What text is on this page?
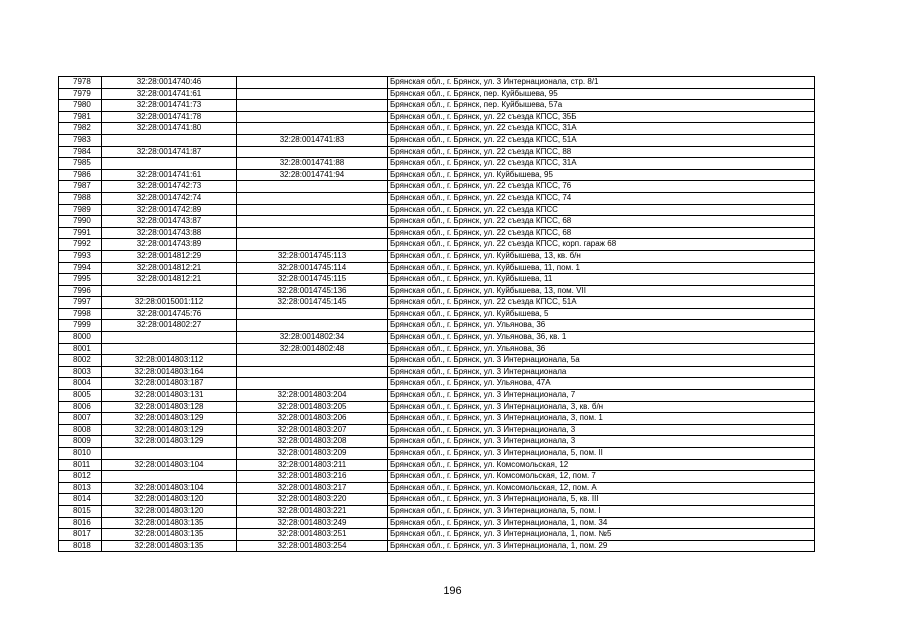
7978	32:28:0014740:46		Брянская обл., г. Брянск, ул. 3 Интернационала, стр. 8/1
7979	32:28:0014741:61		Брянская обл., г. Брянск, пер. Куйбышева, 95
7980	32:28:0014741:73		Брянская обл., г. Брянск, пер. Куйбышева, 57а
7981	32:28:0014741:78		Брянская обл., г. Брянск, ул. 22 съезда КПСС, 35Б
7982	32:28:0014741:80		Брянская обл., г. Брянск, ул. 22 съезда КПСС, 31А
7983		32:28:0014741:83	Брянская обл., г. Брянск, ул. 22 съезда КПСС, 51А
7984	32:28:0014741:87		Брянская обл., г. Брянск, ул. 22 съезда КПСС, 88
7985		32:28:0014741:88	Брянская обл., г. Брянск, ул. 22 съезда КПСС, 31А
7986	32:28:0014741:61	32:28:0014741:94	Брянская обл., г. Брянск, ул. Куйбышева, 95
7987	32:28:0014742:73		Брянская обл., г. Брянск, ул. 22 съезда КПСС, 76
7988	32:28:0014742:74		Брянская обл., г. Брянск, ул. 22 съезда КПСС, 74
7989	32:28:0014742:89		Брянская обл., г. Брянск, ул. 22 съезда КПСС
7990	32:28:0014743:87		Брянская обл., г. Брянск, ул. 22 съезда КПСС, 68
7991	32:28:0014743:88		Брянская обл., г. Брянск, ул. 22 съезда КПСС, 68
7992	32:28:0014743:89		Брянская обл., г. Брянск, ул. 22 съезда КПСС, корп. гараж 68
7993	32:28:0014812:29	32:28:0014745:113	Брянская обл., г. Брянск, ул. Куйбышева, 13, кв. б/н
7994	32:28:0014812:21	32:28:0014745:114	Брянская обл., г. Брянск, ул. Куйбышева, 11, пом. 1
7995	32:28:0014812:21	32:28:0014745:115	Брянская обл., г. Брянск, ул. Куйбышева, 11
7996		32:28:0014745:136	Брянская обл., г. Брянск, ул. Куйбышева, 13, пом. VII
7997	32:28:0015001:112	32:28:0014745:145	Брянская обл., г. Брянск, ул. 22 съезда КПСС, 51А
7998	32:28:0014745:76		Брянская обл., г. Брянск, ул. Куйбышева, 5
7999	32:28:0014802:27		Брянская обл., г. Брянск, ул. Ульянова, 36
8000		32:28:0014802:34	Брянская обл., г. Брянск, ул. Ульянова, 36, кв. 1
8001		32:28:0014802:48	Брянская обл., г. Брянск, ул. Ульянова, 36
8002	32:28:0014803:112		Брянская обл., г. Брянск, ул. 3 Интернационала, 5а
8003	32:28:0014803:164		Брянская обл., г. Брянск, ул. 3 Интернационала
8004	32:28:0014803:187		Брянская обл., г. Брянск, ул. Ульянова, 47А
8005	32:28:0014803:131	32:28:0014803:204	Брянская обл., г. Брянск, ул. 3 Интернационала, 7
8006	32:28:0014803:128	32:28:0014803:205	Брянская обл., г. Брянск, ул. 3 Интернационала, 3, кв. б/н
8007	32:28:0014803:129	32:28:0014803:206	Брянская обл., г. Брянск, ул. 3 Интернационала, 3, пом. 1
8008	32:28:0014803:129	32:28:0014803:207	Брянская обл., г. Брянск, ул. 3 Интернационала, 3
8009	32:28:0014803:129	32:28:0014803:208	Брянская обл., г. Брянск, ул. 3 Интернационала, 3
8010		32:28:0014803:209	Брянская обл., г. Брянск, ул. 3 Интернационала, 5, пом. II
8011	32:28:0014803:104	32:28:0014803:211	Брянская обл., г. Брянск, ул. Комсомольская, 12
8012		32:28:0014803:216	Брянская обл., г. Брянск, ул. Комсомольская, 12, пом. 7
8013	32:28:0014803:104	32:28:0014803:217	Брянская обл., г. Брянск, ул. Комсомольская, 12, пом. А
8014	32:28:0014803:120	32:28:0014803:220	Брянская обл., г. Брянск, ул. 3 Интернационала, 5, кв. III
8015	32:28:0014803:120	32:28:0014803:221	Брянская обл., г. Брянск, ул. 3 Интернационала, 5, пом. I
8016	32:28:0014803:135	32:28:0014803:249	Брянская обл., г. Брянск, ул. 3 Интернационала, 1, пом. 34
8017	32:28:0014803:135	32:28:0014803:251	Брянская обл., г. Брянск, ул. 3 Интернационала, 1, пом. №5
8018	32:28:0014803:135	32:28:0014803:254	Брянская обл., г. Брянск, ул. 3 Интернационала, 1, пом. 29
196
